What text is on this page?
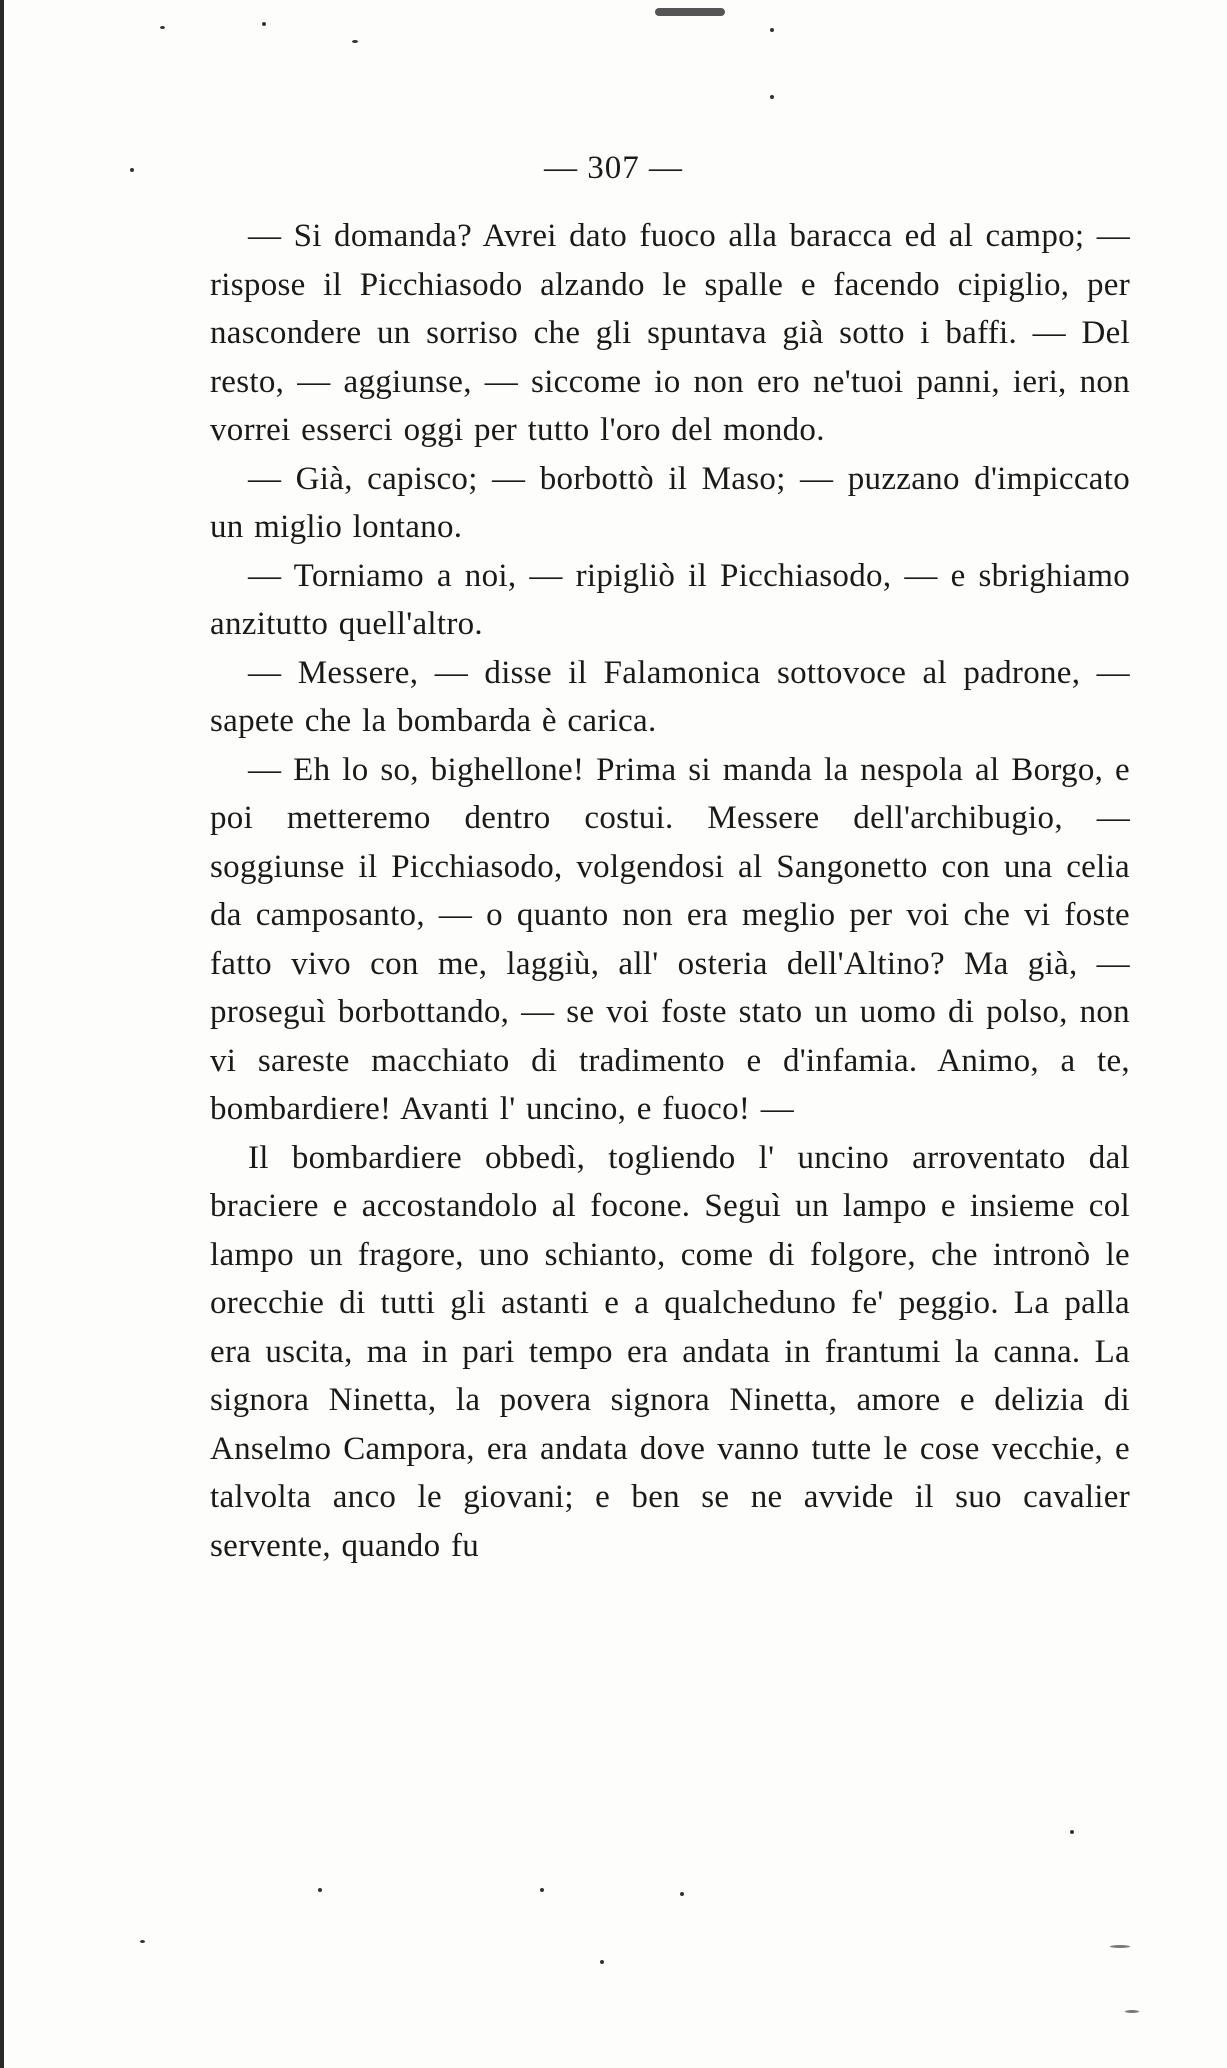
— 307 —

— Si domanda? Avrei dato fuoco alla baracca ed al campo; — rispose il Picchiasodo alzando le spalle e facendo cipiglio, per nascondere un sorriso che gli spuntava già sotto i baffi. — Del resto, — aggiunse, — siccome io non ero ne'tuoi panni, ieri, non vorrei esserci oggi per tutto l'oro del mondo.

— Già, capisco; — borbottò il Maso; — puzzano d'impiccato un miglio lontano.

— Torniamo a noi, — ripigliò il Picchiasodo, — e sbrighiamo anzitutto quell'altro.

— Messere, — disse il Falamonica sottovoce al padrone, — sapete che la bombarda è carica.

— Eh lo so, bighellone! Prima si manda la nespola al Borgo, e poi metteremo dentro costui. Messere dell'archibugio, — soggiunse il Picchiasodo, volgendosi al Sangonetto con una celia da camposanto, — o quanto non era meglio per voi che vi foste fatto vivo con me, laggiù, all' osteria dell'Altino? Ma già, — proseguì borbottando, — se voi foste stato un uomo di polso, non vi sareste macchiato di tradimento e d'infamia. Animo, a te, bombardiere! Avanti l' uncino, e fuoco! —

Il bombardiere obbedì, togliendo l' uncino arroventato dal braciere e accostandolo al focone. Seguì un lampo e insieme col lampo un fragore, uno schianto, come di folgore, che intronò le orecchie di tutti gli astanti e a qualcheduno fe' peggio. La palla era uscita, ma in pari tempo era andata in frantumi la canna. La signora Ninetta, la povera signora Ninetta, amore e delizia di Anselmo Campora, era andata dove vanno tutte le cose vecchie, e talvolta anco le giovani; e ben se ne avvide il suo cavalier servente, quando fu
